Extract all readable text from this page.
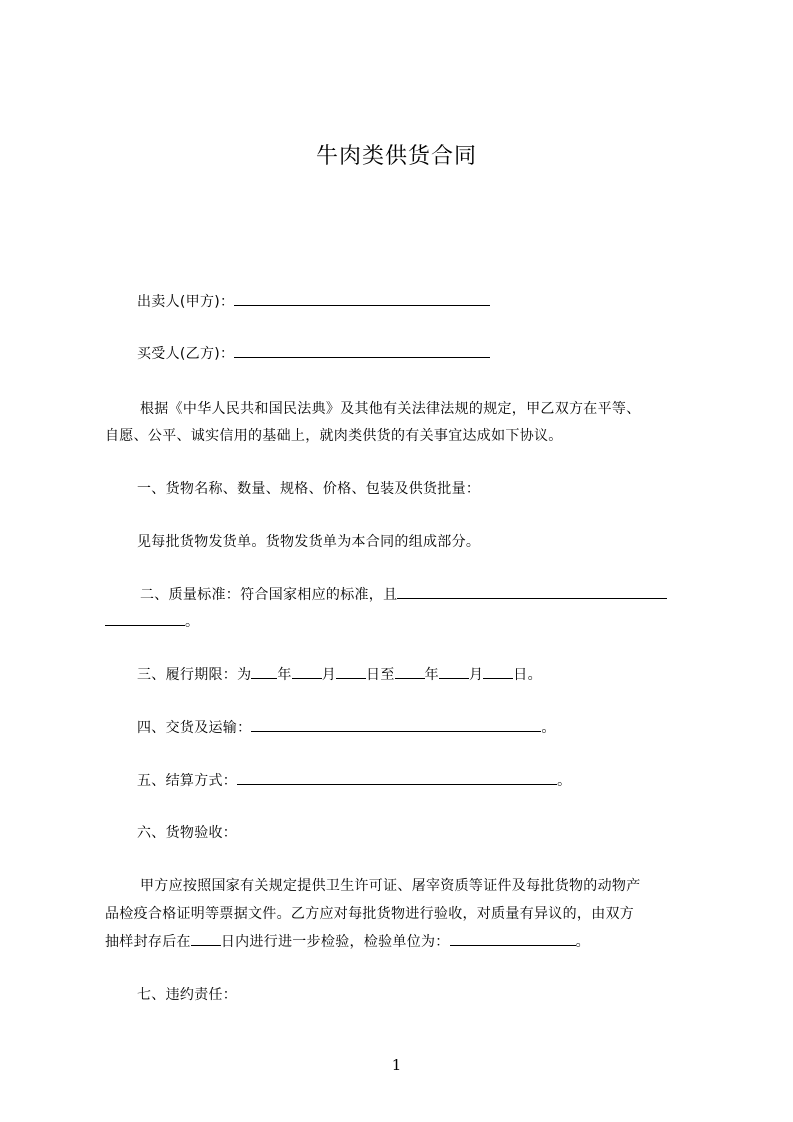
牛肉类供货合同
出卖人(甲方)：
买受人(乙方)：
根据《中华人民共和国民法典》及其他有关法律法规的规定，甲乙双方在平等、
自愿、公平、诚实信用的基础上，就肉类供货的有关事宜达成如下协议。
一、货物名称、数量、规格、价格、包装及供货批量：
见每批货物发货单。货物发货单为本合同的组成部分。
二、质量标准：符合国家相应的标准，且
。
三、履行期限：为 年 月 日至 年 月 日。
四、交货及运输：	。
五、结算方式：	。
六、货物验收：
甲方应按照国家有关规定提供卫生许可证、屠宰资质等证件及每批货物的动物产
品检疫合格证明等票据文件。乙方应对每批货物进行验收，对质量有异议的，由双方
抽样封存后在 日内进行进一步检验，检验单位为：	。
七、违约责任：
1
